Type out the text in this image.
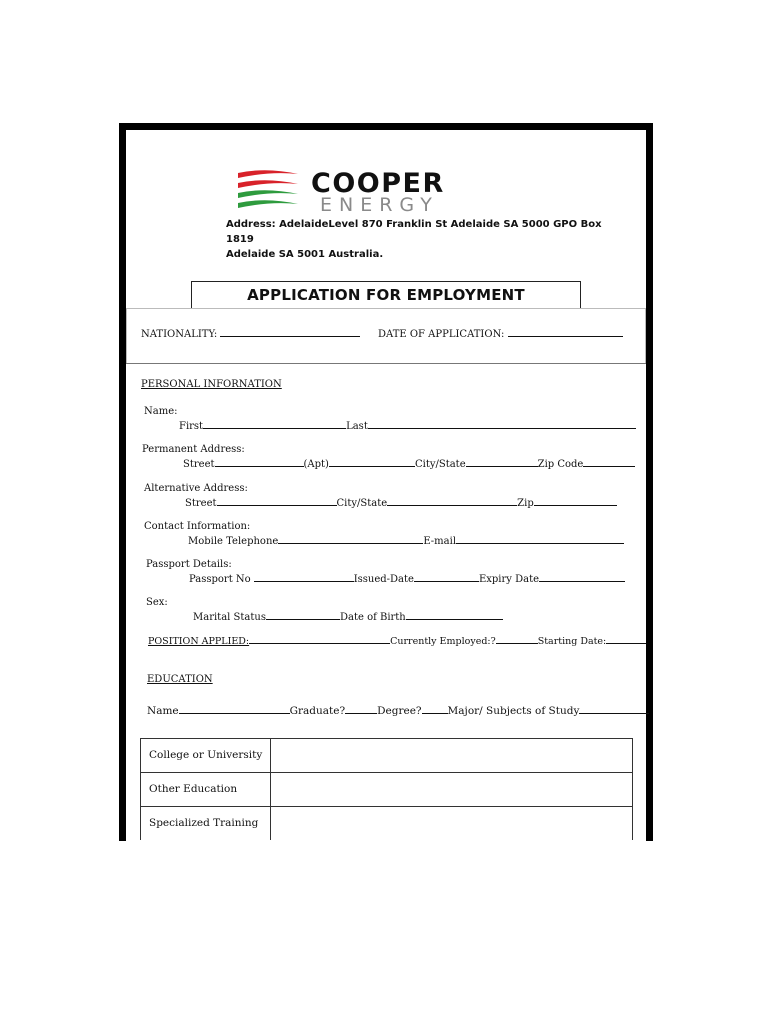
COOPER
ENERGY
Address: AdelaideLevel 870 Franklin St Adelaide SA 5000 GPO Box 1819
Adelaide SA 5001 Australia.
APPLICATION FOR EMPLOYMENT
NATIONALITY:	DATE OF APPLICATION:
PERSONAL INFORNATION
Name:
First	Last
Permanent Address:
Street	(Apt)	City/State	Zip Code
Alternative Address:
Street	City/State	Zip
Contact Information:
Mobile Telephone	E-mail
Passport Details:
Passport No	Issued-Date	Expiry Date
Sex:
Marital Status	Date of Birth
POSITION APPLIED:	Currently Employed:?	Starting Date:
EDUCATION
Name	Graduate?	Degree? Major/ Subjects of Study
College or University
Other Education
Specialized Training
